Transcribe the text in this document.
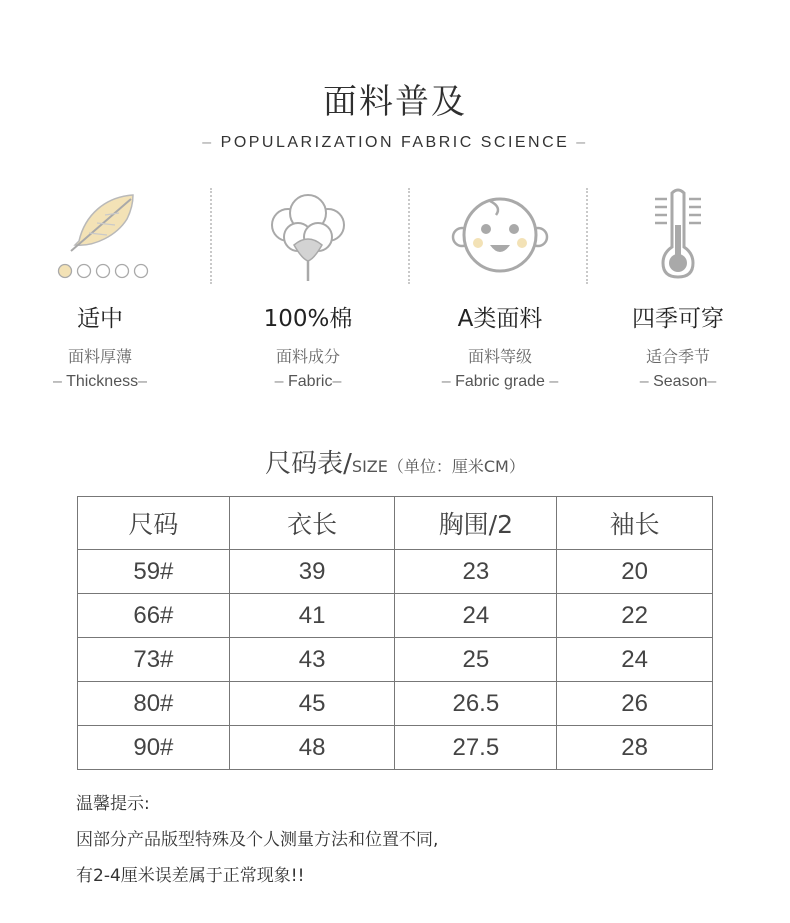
面料普及
– POPULARIZATION FABRIC SCIENCE –
适中
面料厚薄
– Thickness–
100%棉
面料成分
– Fabric–
A类面料
面料等级
– Fabric grade –
四季可穿
适合季节
– Season–
尺码表/SIZE（单位：厘米CM）
尺码	衣长	胸围/2	袖长
59#	39	23	20
66#	41	24	22
73#	43	25	24
80#	45	26.5	26
90#	48	27.5	28
温馨提示:
因部分产品版型特殊及个人测量方法和位置不同,
有2-4厘米误差属于正常现象!!
